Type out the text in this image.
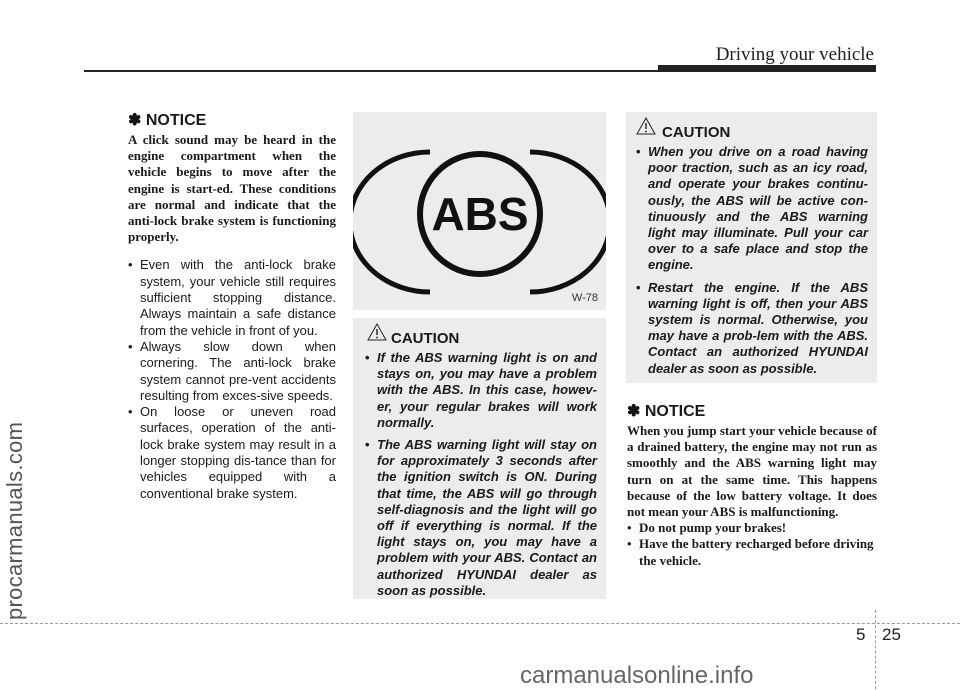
Driving your vehicle
procarmanuals.com
carmanualsonline.info
✽ NOTICE

A click sound may be heard in the engine compartment when the vehicle begins to move after the engine is start-ed. These conditions are normal and indicate that the anti-lock brake system is functioning properly.

• Even with the anti-lock brake system, your vehicle still requires sufficient stopping distance. Always maintain a safe distance from the vehicle in front of you.
• Always slow down when cornering. The anti-lock brake system cannot pre-vent accidents resulting from exces-sive speeds.
• On loose or uneven road surfaces, operation of the anti-lock brake system may result in a longer stopping dis-tance than for vehicles equipped with a conventional brake system.
ABS
W-78
CAUTION
• If the ABS warning light is on and stays on, you may have a problem with the ABS. In this case, howev-er, your regular brakes will work normally.
• The ABS warning light will stay on for approximately 3 seconds after the ignition switch is ON. During that time, the ABS will go through self-diagnosis and the light will go off if everything is normal. If the light stays on, you may have a problem with your ABS. Contact an authorized HYUNDAI dealer as soon as possible.
CAUTION
• When you drive on a road having poor traction, such as an icy road, and operate your brakes continu-ously, the ABS will be active con-tinuously and the ABS warning light may illuminate. Pull your car over to a safe place and stop the engine.
• Restart the engine. If the ABS warning light is off, then your ABS system is normal. Otherwise, you may have a prob-lem with the ABS. Contact an authorized HYUNDAI dealer as soon as possible.
✽ NOTICE

When you jump start your vehicle because of a drained battery, the engine may not run as smoothly and the ABS warning light may turn on at the same time. This happens because of the low battery voltage. It does not mean your ABS is malfunctioning.

• Do not pump your brakes!
• Have the battery recharged before driving the vehicle.
5 25
